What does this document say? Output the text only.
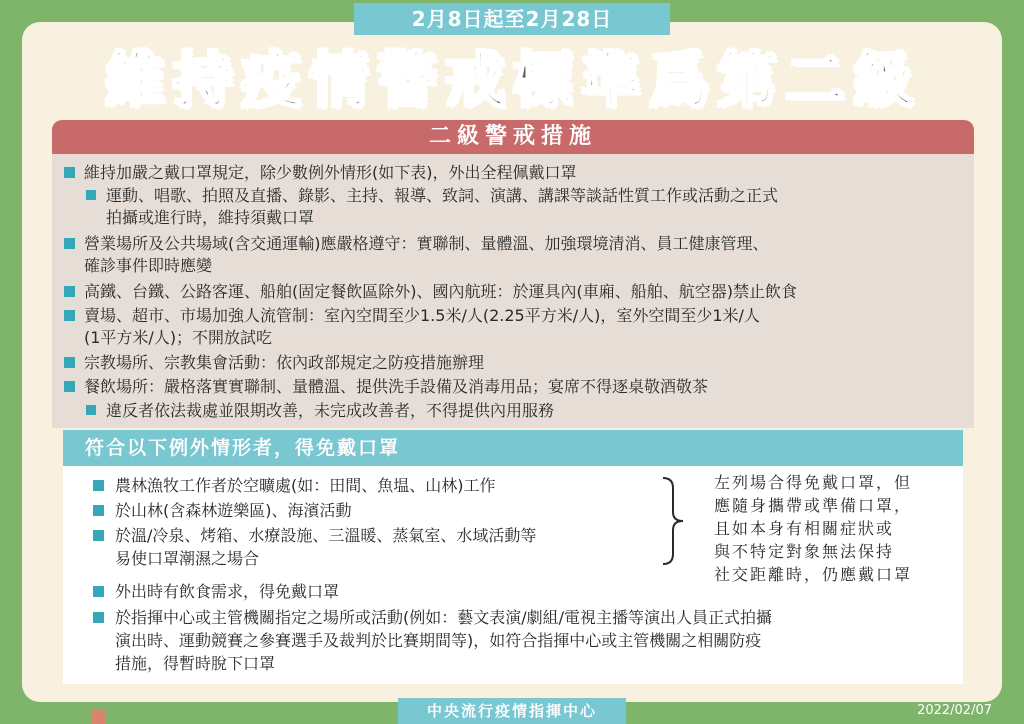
2月8日起至2月28日
維持疫情警戒標準爲第二級
二級警戒措施
維持加嚴之戴口罩規定，除少數例外情形(如下表)，外出全程佩戴口罩
運動、唱歌、拍照及直播、錄影、主持、報導、致詞、演講、講課等談話性質工作或活動之正式
拍攝或進行時，維持須戴口罩
營業場所及公共場域(含交通運輸)應嚴格遵守：實聯制、量體溫、加強環境清消、員工健康管理、
確診事件即時應變
高鐵、台鐵、公路客運、船舶(固定餐飲區除外)、國內航班：於運具內(車廂、船舶、航空器)禁止飲食
賣場、超市、市場加強人流管制：室內空間至少1.5米/人(2.25平方米/人)，室外空間至少1米/人
(1平方米/人)；不開放試吃
宗教場所、宗教集會活動：依內政部規定之防疫措施辦理
餐飲場所：嚴格落實實聯制、量體溫、提供洗手設備及消毒用品；宴席不得逐桌敬酒敬茶
違反者依法裁處並限期改善，未完成改善者，不得提供內用服務
符合以下例外情形者，得免戴口罩
農林漁牧工作者於空曠處(如：田間、魚塭、山林)工作
於山林(含森林遊樂區)、海濱活動
於溫/冷泉、烤箱、水療設施、三溫暖、蒸氣室、水域活動等
易使口罩潮濕之場合
外出時有飲食需求，得免戴口罩
於指揮中心或主管機關指定之場所或活動(例如：藝文表演/劇組/電視主播等演出人員正式拍攝
演出時、運動競賽之參賽選手及裁判於比賽期間等)，如符合指揮中心或主管機關之相關防疫
措施，得暫時脫下口罩
左列場合得免戴口罩，但
應隨身攜帶或準備口罩，
且如本身有相關症狀或
與不特定對象無法保持
社交距離時，仍應戴口罩
中央流行疫情指揮中心	2022/02/07
